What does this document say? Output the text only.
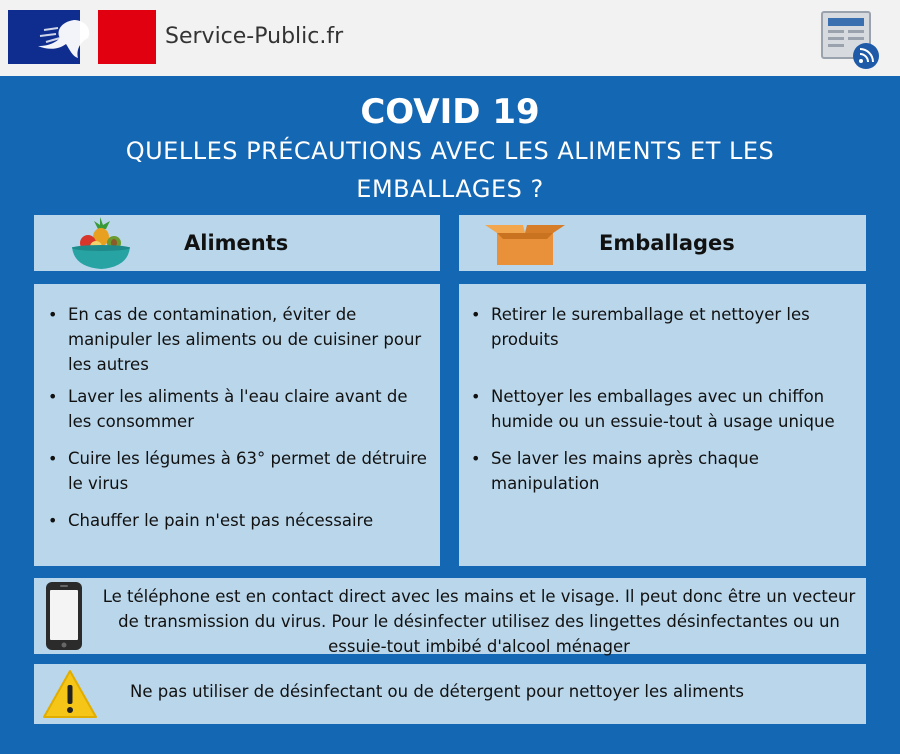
Service-Public.fr
COVID 19
QUELLES PRÉCAUTIONS AVEC LES ALIMENTS ET LES EMBALLAGES ?
Aliments	Emballages
• En cas de contamination, éviter de manipuler les aliments ou de cuisiner pour les autres
• Laver les aliments à l'eau claire avant de les consommer
• Cuire les légumes à 63° permet de détruire le virus
• Chauffer le pain n'est pas nécessaire
• Retirer le suremballage et nettoyer les produits
• Nettoyer les emballages avec un chiffon humide ou un essuie-tout à usage unique
• Se laver les mains après chaque manipulation
Le téléphone est en contact direct avec les mains et le visage. Il peut donc être un vecteur de transmission du virus. Pour le désinfecter utilisez des lingettes désinfectantes ou un essuie-tout imbibé d'alcool ménager
Ne pas utiliser de désinfectant ou de détergent pour nettoyer les aliments
